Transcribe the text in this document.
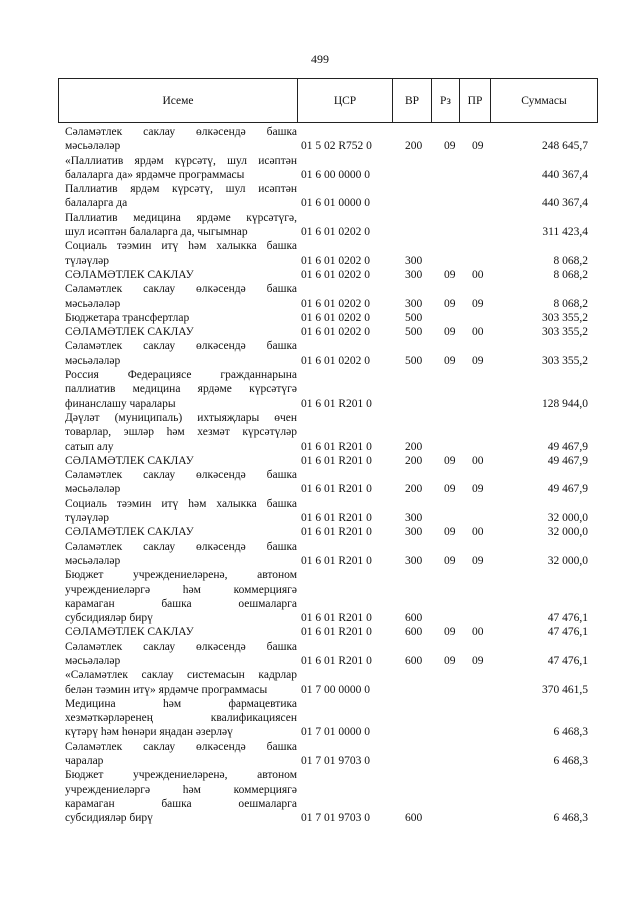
499
Исеме	ЦСР	ВР	Рз	ПР	Суммасы
Сәламәтлек саклау өлкәсендә башка
мәсьәләләр	01 5 02 R752 0	200 09 09	248 645,7
«Паллиатив ярдәм күрсәтү, шул исәптән
балаларга да» ярдәмче программасы	01 6 00 0000 0	440 367,4
Паллиатив ярдәм күрсәтү, шул исәптән
балаларга да	01 6 01 0000 0	440 367,4
Паллиатив медицина ярдәме күрсәтүгә,
шул исәптән балаларга да, чыгымнар	01 6 01 0202 0	311 423,4
Социаль тәэмин итү һәм халыкка башка
түләүләр	01 6 01 0202 0	300	8 068,2
СӘЛАМӘТЛЕК САКЛАУ	01 6 01 0202 0	300 09 00	8 068,2
Сәламәтлек саклау өлкәсендә башка
мәсьәләләр	01 6 01 0202 0	300 09 09	8 068,2
Бюджетара трансфертлар	01 6 01 0202 0	500	303 355,2
СӘЛАМӘТЛЕК САКЛАУ	01 6 01 0202 0	500 09 00	303 355,2
Сәламәтлек саклау өлкәсендә башка
мәсьәләләр	01 6 01 0202 0	500 09 09	303 355,2
Россия Федерациясе гражданнарына
паллиатив медицина ярдәме күрсәтүгә
финанслашу чаралары	01 6 01 R201 0	128 944,0
Дәүләт (муниципаль) ихтыяҗлары өчен
товарлар, эшләр һәм хезмәт күрсәтүләр
сатып алу	01 6 01 R201 0	200	49 467,9
СӘЛАМӘТЛЕК САКЛАУ	01 6 01 R201 0	200 09 00	49 467,9
Сәламәтлек саклау өлкәсендә башка
мәсьәләләр	01 6 01 R201 0	200 09 09	49 467,9
Социаль тәэмин итү һәм халыкка башка
түләүләр	01 6 01 R201 0	300	32 000,0
СӘЛАМӘТЛЕК САКЛАУ	01 6 01 R201 0	300 09 00	32 000,0
Сәламәтлек саклау өлкәсендә башка
мәсьәләләр	01 6 01 R201 0	300 09 09	32 000,0
Бюджет учреждениеләренә, автоном
учреждениеләргә һәм коммерциягә
карамаган башка оешмаларга
субсидияләр бирү	01 6 01 R201 0	600	47 476,1
СӘЛАМӘТЛЕК САКЛАУ	01 6 01 R201 0	600 09 00	47 476,1
Сәламәтлек саклау өлкәсендә башка
мәсьәләләр	01 6 01 R201 0	600 09 09	47 476,1
«Сәламәтлек саклау системасын кадрлар
белән тәэмин итү» ярдәмче программасы	01 7 00 0000 0	370 461,5
Медицина һәм фармацевтика
хезмәткәрләренең квалификациясен
күтәрү һәм һөнәри яңадан әзерләү	01 7 01 0000 0	6 468,3
Сәламәтлек саклау өлкәсендә башка
чаралар	01 7 01 9703 0	6 468,3
Бюджет учреждениеләренә, автоном
учреждениеләргә һәм коммерциягә
карамаган башка оешмаларга
субсидияләр бирү	01 7 01 9703 0	600	6 468,3
